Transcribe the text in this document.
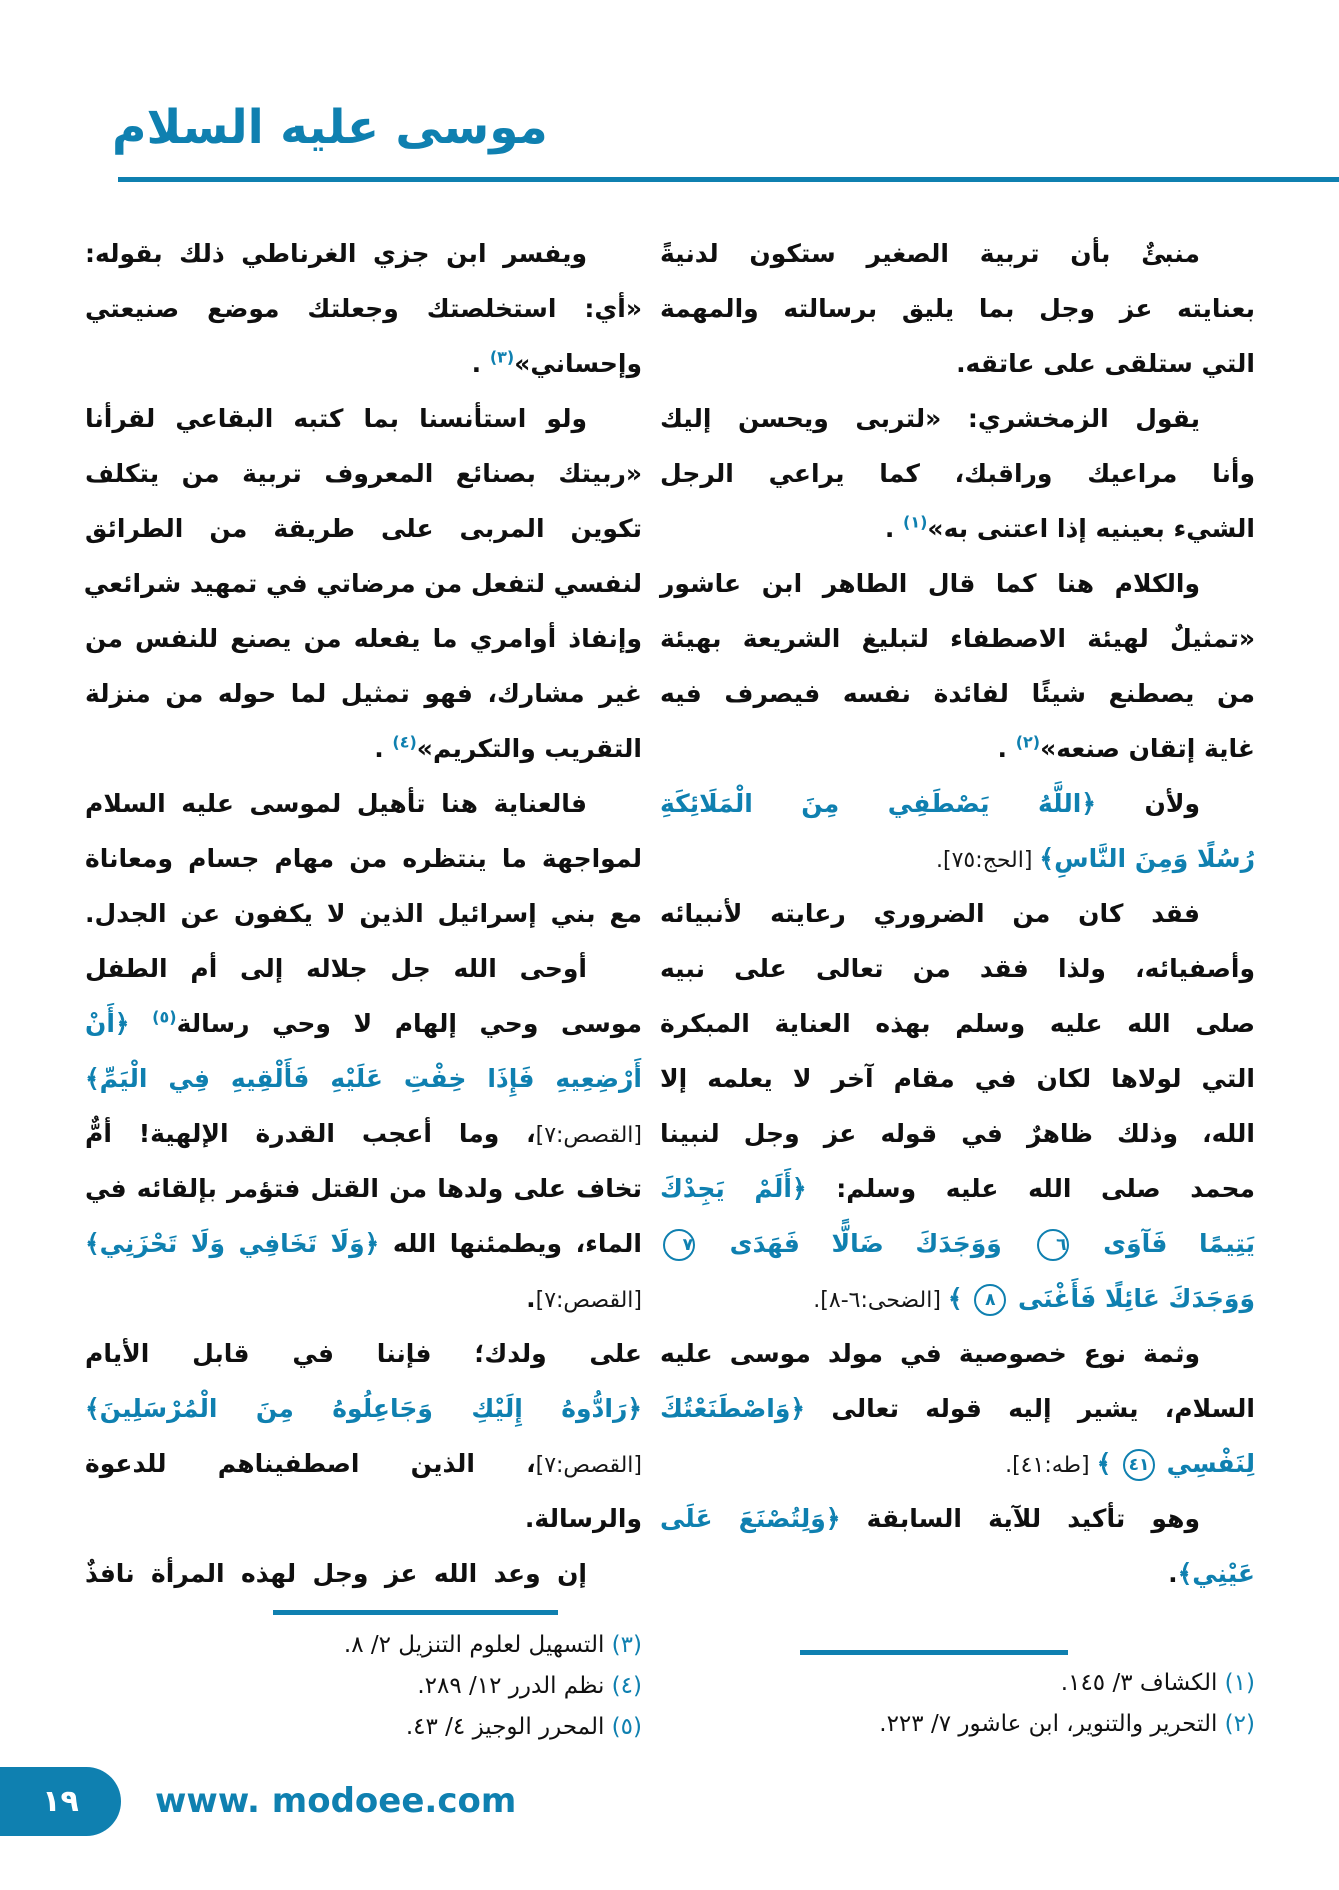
موسى عليه السلام
منبئٌ بأن تربية الصغير ستكون لدنيةً
بعنايته عز وجل بما يليق برسالته والمهمة
التي ستلقى على عاتقه.
يقول الزمخشري: «لتربى ويحسن إليك
وأنا مراعيك وراقبك، كما يراعي الرجل
الشيء بعينيه إذا اعتنى به»$^{(١)}$ .
والكلام هنا كما قال الطاهر ابن عاشور
«تمثيلٌ لهيئة الاصطفاء لتبليغ الشريعة بهيئة
من يصطنع شيئًا لفائدة نفسه فيصرف فيه
غاية إتقان صنعه»$^{(٢)}$ .
ولأن ﴿اللَّهُ يَصْطَفِي مِنَ الْمَلَائِكَةِ
رُسُلًا وَمِنَ النَّاسِ﴾ [الحج:٧٥].
فقد كان من الضروري رعايته لأنبيائه
وأصفيائه، ولذا فقد من تعالى على نبيه
صلى الله عليه وسلم بهذه العناية المبكرة
التي لولاها لكان في مقام آخر لا يعلمه إلا
الله، وذلك ظاهرٌ في قوله عز وجل لنبينا
محمد صلى الله عليه وسلم: ﴿أَلَمْ يَجِدْكَ
يَتِيمًا فَآوَى ٦ وَوَجَدَكَ ضَالًّا فَهَدَى ٧
وَوَجَدَكَ عَائِلًا فَأَغْنَى ٨ ﴾ [الضحى:٦-٨].
وثمة نوع خصوصية في مولد موسى عليه
السلام، يشير إليه قوله تعالى ﴿وَاصْطَنَعْتُكَ
لِنَفْسِي ٤١ ﴾ [طه:٤١].
وهو تأكيد للآية السابقة ﴿وَلِتُصْنَعَ عَلَى
عَيْنِي﴾.
ويفسر ابن جزي الغرناطي ذلك بقوله:
«أي: استخلصتك وجعلتك موضع صنيعتي
وإحساني»$^{(٣)}$ .
ولو استأنسنا بما كتبه البقاعي لقرأنا
«ربيتك بصنائع المعروف تربية من يتكلف
تكوين المربى على طريقة من الطرائق
لنفسي لتفعل من مرضاتي في تمهيد شرائعي
وإنفاذ أوامري ما يفعله من يصنع للنفس من
غير مشارك، فهو تمثيل لما حوله من منزلة
التقريب والتكريم»$^{(٤)}$ .
فالعناية هنا تأهيل لموسى عليه السلام
لمواجهة ما ينتظره من مهام جسام ومعاناة
مع بني إسرائيل الذين لا يكفون عن الجدل.
أوحى الله جل جلاله إلى أم الطفل
موسى وحي إلهام لا وحي رسالة$^{(٥)}$ ﴿أَنْ
أَرْضِعِيهِ فَإِذَا خِفْتِ عَلَيْهِ فَأَلْقِيهِ فِي الْيَمِّ﴾
[القصص:٧]، وما أعجب القدرة الإلهية! أمٌّ
تخاف على ولدها من القتل فتؤمر بإلقائه في
الماء، ويطمئنها الله ﴿وَلَا تَخَافِي وَلَا تَحْزَنِي﴾
[القصص:٧].
على ولدك؛ فإننا في قابل الأيام
﴿رَادُّوهُ إِلَيْكِ وَجَاعِلُوهُ مِنَ الْمُرْسَلِينَ﴾
[القصص:٧]، الذين اصطفيناهم للدعوة
والرسالة.
إن وعد الله عز وجل لهذه المرأة نافذٌ
(٣) التسهيل لعلوم التنزيل ٢/ ٨.
(٤) نظم الدرر ١٢/ ٢٨٩.
(٥) المحرر الوجيز ٤/ ٤٣.
(١) الكشاف ٣/ ١٤٥.
(٢) التحرير والتنوير، ابن عاشور ٧/ ٢٢٣.
١٩ www. modoee.com
